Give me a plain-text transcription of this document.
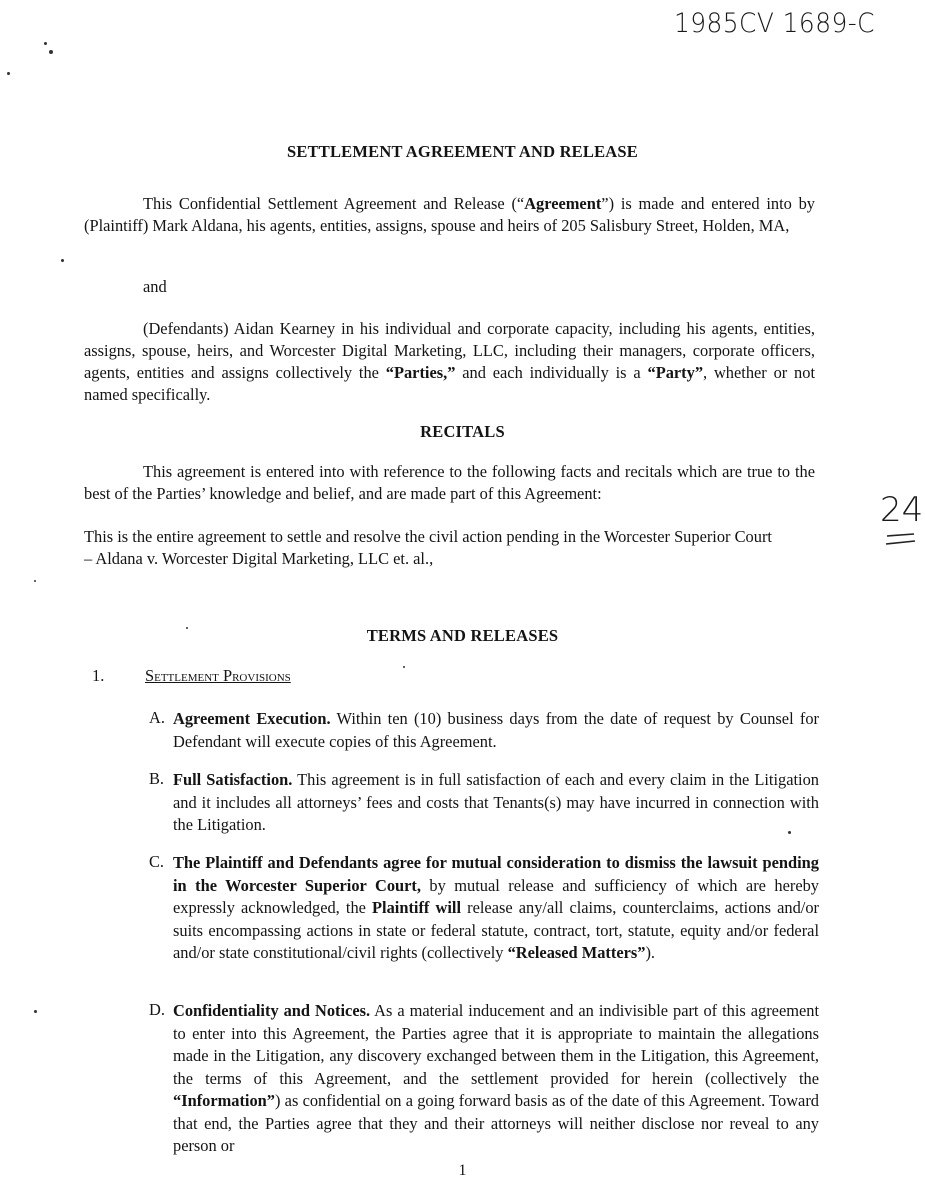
1985CV 1689-C
24
SETTLEMENT AGREEMENT AND RELEASE
This Confidential Settlement Agreement and Release (“Agreement”) is made and entered into by (Plaintiff) Mark Aldana, his agents, entities, assigns, spouse and heirs of 205 Salisbury Street, Holden, MA,
and
(Defendants) Aidan Kearney in his individual and corporate capacity, including his agents, entities, assigns, spouse, heirs, and Worcester Digital Marketing, LLC, including their managers, corporate officers, agents, entities and assigns collectively the “Parties,” and each individually is a “Party”, whether or not named specifically.
RECITALS
This agreement is entered into with reference to the following facts and recitals which are true to the best of the Parties’ knowledge and belief, and are made part of this Agreement:
This is the entire agreement to settle and resolve the civil action pending in the Worcester Superior Court – Aldana v. Worcester Digital Marketing, LLC et. al.,
TERMS AND RELEASES
1. Settlement Provisions
A. Agreement Execution. Within ten (10) business days from the date of request by Counsel for Defendant will execute copies of this Agreement.
B. Full Satisfaction. This agreement is in full satisfaction of each and every claim in the Litigation and it includes all attorneys’ fees and costs that Tenants(s) may have incurred in connection with the Litigation.
C. The Plaintiff and Defendants agree for mutual consideration to dismiss the lawsuit pending in the Worcester Superior Court, by mutual release and sufficiency of which are hereby expressly acknowledged, the Plaintiff will release any/all claims, counterclaims, actions and/or suits encompassing actions in state or federal statute, contract, tort, statute, equity and/or federal and/or state constitutional/civil rights (collectively “Released Matters”).
D. Confidentiality and Notices. As a material inducement and an indivisible part of this agreement to enter into this Agreement, the Parties agree that it is appropriate to maintain the allegations made in the Litigation, any discovery exchanged between them in the Litigation, this Agreement, the terms of this Agreement, and the settlement provided for herein (collectively the “Information”) as confidential on a going forward basis as of the date of this Agreement. Toward that end, the Parties agree that they and their attorneys will neither disclose nor reveal to any person or
1
